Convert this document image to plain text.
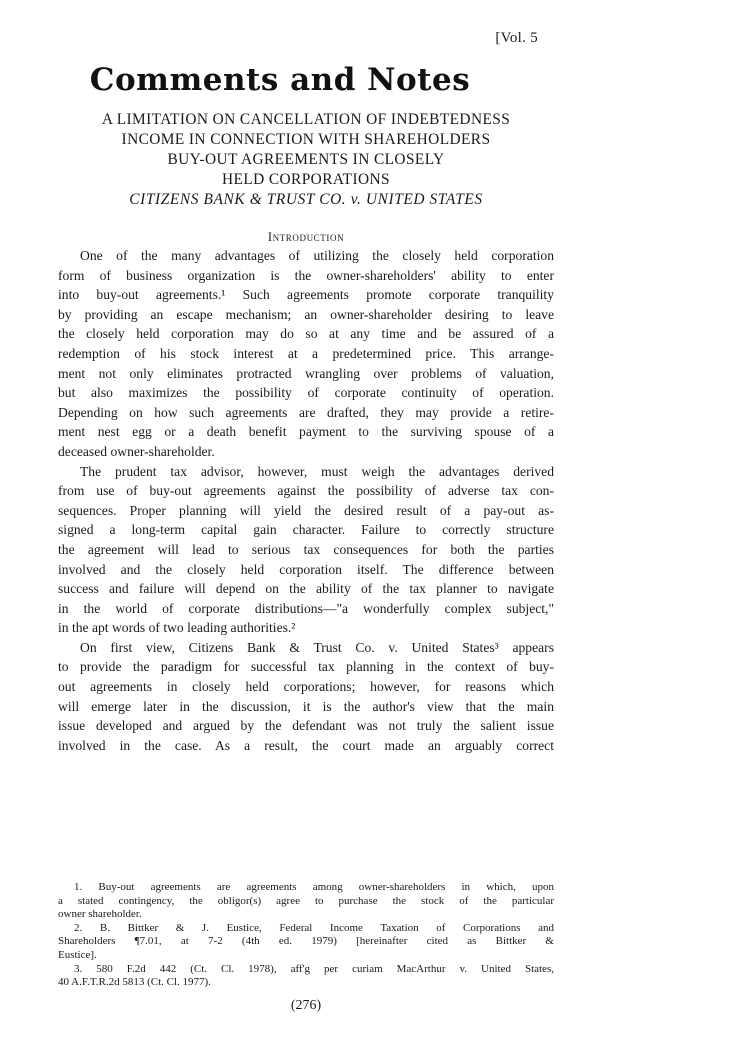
[Vol. 5
Comments and Notes
A LIMITATION ON CANCELLATION OF INDEBTEDNESS
INCOME IN CONNECTION WITH SHAREHOLDERS
BUY-OUT AGREEMENTS IN CLOSELY
HELD CORPORATIONS
CITIZENS BANK & TRUST CO. v. UNITED STATES
Introduction
One of the many advantages of utilizing the closely held corporation
form of business organization is the owner-shareholders' ability to enter
into buy-out agreements.¹ Such agreements promote corporate tranquility
by providing an escape mechanism; an owner-shareholder desiring to leave
the closely held corporation may do so at any time and be assured of a
redemption of his stock interest at a predetermined price. This arrange-
ment not only eliminates protracted wrangling over problems of valuation,
but also maximizes the possibility of corporate continuity of operation.
Depending on how such agreements are drafted, they may provide a retire-
ment nest egg or a death benefit payment to the surviving spouse of a
deceased owner-shareholder.
The prudent tax advisor, however, must weigh the advantages derived
from use of buy-out agreements against the possibility of adverse tax con-
sequences. Proper planning will yield the desired result of a pay-out as-
signed a long-term capital gain character. Failure to correctly structure
the agreement will lead to serious tax consequences for both the parties
involved and the closely held corporation itself. The difference between
success and failure will depend on the ability of the tax planner to navigate
in the world of corporate distributions—"a wonderfully complex subject,"
in the apt words of two leading authorities.²
On first view, Citizens Bank & Trust Co. v. United States³ appears
to provide the paradigm for successful tax planning in the context of buy-
out agreements in closely held corporations; however, for reasons which
will emerge later in the discussion, it is the author's view that the main
issue developed and argued by the defendant was not truly the salient issue
involved in the case. As a result, the court made an arguably correct
1. Buy-out agreements are agreements among owner-shareholders in which, upon
a stated contingency, the obligor(s) agree to purchase the stock of the particular
owner shareholder.
2. B. Bittker & J. Eustice, Federal Income Taxation of Corporations and
Shareholders ¶7.01, at 7-2 (4th ed. 1979) [hereinafter cited as Bittker &
Eustice].
3. 580 F.2d 442 (Ct. Cl. 1978), aff'g per curiam MacArthur v. United States,
40 A.F.T.R.2d 5813 (Ct. Cl. 1977).
(276)
